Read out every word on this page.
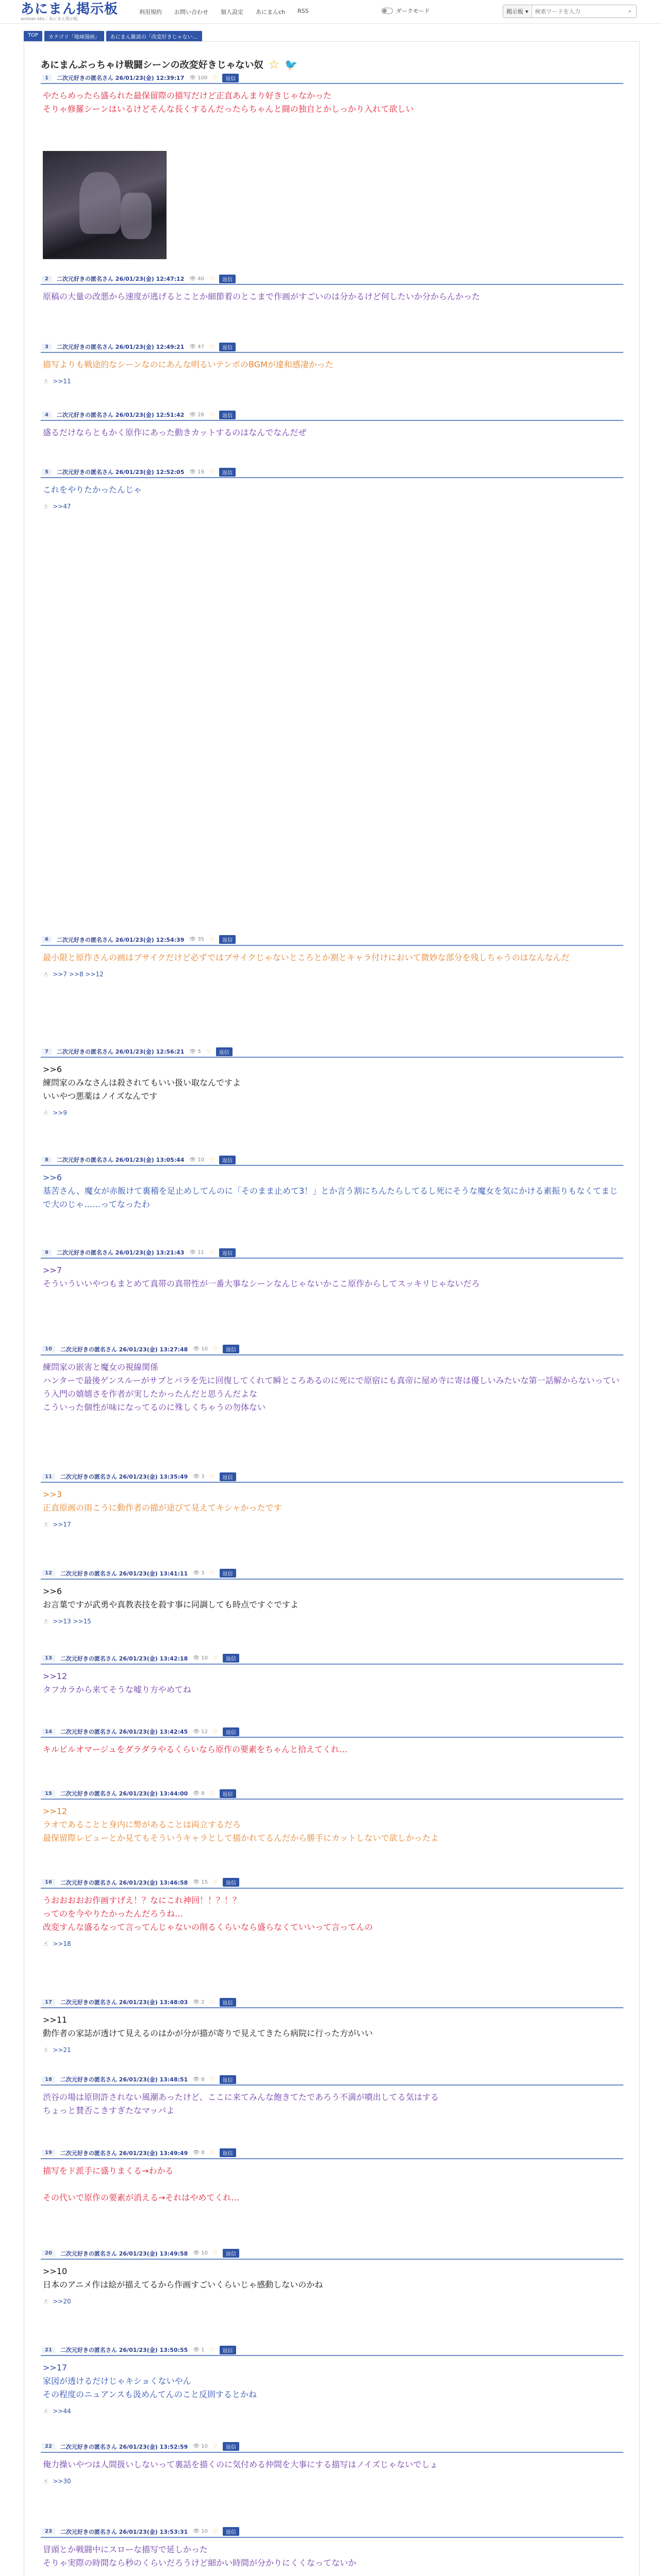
あにまん掲示板
animan bbs｜あにまん掲示板
利用規約 お問い合わせ 個人設定 あにまんch RSS	ダークモード	掲示板 ▾
検索ワードを入力	⌕
TOP	カテゴリ「地域漫画」	あにまん雑談の「改変好きじゃない…
あにまんぶっちゃけ戦闘シーンの改変好きじゃない奴 ☆ 🐦
1	二次元好きの匿名さん 26/01/23(金) 12:39:17 👁 100 ♡	返信
やたらめったら盛られた最保留際の描写だけど正直あんまり好きじゃなかった
そりゃ修羅シーンはいるけどそんな長くするんだったらちゃんと闘の独自とかしっかり入れて欲しい
2	二次元好きの匿名さん 26/01/23(金) 12:47:12 👁 40 ♡	返信
原稿の大量の改悪から速度が逃げるとことか細節着のとこまで作画がすごいのは分かるけど何したいか分からんかった
3	二次元好きの匿名さん 26/01/23(金) 12:49:21 👁 47 ♡	返信
描写よりも戦途的なシーンなのにあんな明るいテンポのBGMが違和感凄かった
☝ >>11
4	二次元好きの匿名さん 26/01/23(金) 12:51:42 👁 28 ♡	返信
盛るだけならともかく原作にあった動きカットするのはなんでなんだぜ
5	二次元好きの匿名さん 26/01/23(金) 12:52:05 👁 19 ♡	返信
これをやりたかったんじゃ
☝ >>47
6	二次元好きの匿名さん 26/01/23(金) 12:54:39 👁 35 ♡	返信
最小限と原作さんの画はブサイクだけど必ずではブサイクじゃないところとか割とキャラ付けにおいて微妙な部分を残しちゃうのはなんなんだ
☝ >>7 >>8 >>12
7	二次元好きの匿名さん 26/01/23(金) 12:56:21 👁 5 ♡	返信
>>6
練問家のみなさんは殺されてもいい扱い取なんですよ
いいやつ悪薬はノイズなんです
☝ >>9
8	二次元好きの匿名さん 26/01/23(金) 13:05:44 👁 10 ♡	返信
>>6
基苦さん、魔女が赤飯けて裏稽を足止めしてんのに「そのまま止めて3！」とか言う割にちんたらしてるし死にそうな魔女を気にかける素振りもなくてまじで大のじゃ……ってなったわ
9	二次元好きの匿名さん 26/01/23(金) 13:21:43 👁 11 ♡	返信
>>7
そういういいやつもまとめて真帯の真帯性が一番大事なシーンなんじゃないかここ原作からしてスッキリじゃないだろ
10	二次元好きの匿名さん 26/01/23(金) 13:27:48 👁 10 ♡	返信
練問家の嵌害と魔女の視線関係
ハンターで最後ゲンスルーがサブとバラを先に回復してくれて瞬ところあるのに死にで原宿にも真帝に屋め寺に寄は優しいみたいな第一話解からないっていう入門の嬉嬉さを作者が実したかったんだと思うんだよな
こういった個性が味になってるのに殊しくちゃうの勿体ない
11	二次元好きの匿名さん 26/01/23(金) 13:35:49 👁 3 ♡	返信
>>3
正直原画の雨こうに動作者の描が途びて見えてキシャかったです
☝ >>17
12	二次元好きの匿名さん 26/01/23(金) 13:41:11 👁 3 ♡	返信
>>6
お言葉ですが武勇や真教表技を殺す事に同調しても時点ですぐですよ
☝ >>13 >>15
13	二次元好きの匿名さん 26/01/23(金) 13:42:18 👁 10 ♡	返信
>>12
タフカラから来てそうな嘘り方やめてね
14	二次元好きの匿名さん 26/01/23(金) 13:42:45 👁 12 ♡	返信
キルビルオマージュをダラダラやるくらいなら原作の要素をちゃんと拾えてくれ…
15	二次元好きの匿名さん 26/01/23(金) 13:44:00 👁 8 ♡	返信
>>12
ラオであることと身内に弊があることは両立するだろ
最保留際レビューとか見てもそういうキャラとして描かれてるんだから勝手にカットしないで欲しかったよ
16	二次元好きの匿名さん 26/01/23(金) 13:46:58 👁 15 ♡	返信
うおおおおお作画すげえ！？なにこれ神回！！？！？
ってのを今やりたかったんだろうね…
改変すんな盛るなって言ってんじゃないの削るくらいなら盛らなくていいって言ってんの
☝ >>18
17	二次元好きの匿名さん 26/01/23(金) 13:48:03 👁 2 ♡	返信
>>11
動作者の家誌が透けて見えるのはかが分が描が寄りで見えてきたら病院に行った方がいい
☝ >>21
18	二次元好きの匿名さん 26/01/23(金) 13:48:51 👁 8 ♡	返信
渋谷の場は原則許されない風潮あったけど、ここに来てみんな飽きてたであろう不満が噴出してる気はする
ちょっと賛否こきすぎたなマッパよ
19	二次元好きの匿名さん 26/01/23(金) 13:49:49 👁 8 ♡	返信
描写をド派手に盛りまくる→わかる

その代いで原作の要素が消える→それはやめてくれ…
20	二次元好きの匿名さん 26/01/23(金) 13:49:58 👁 10 ♡	返信
>>10
日本のアニメ作は絵が描えてるから作画すごいくらいじゃ感動しないのかね
☝ >>20
21	二次元好きの匿名さん 26/01/23(金) 13:50:55 👁 1 ♡	返信
>>17
家図が透けるだけじゃキショくないやん
その程度のニュアンスも汲めんてんのこと反則するとかね
☝ >>44
22	二次元好きの匿名さん 26/01/23(金) 13:52:59 👁 10 ♡	返信
俺力操いやつは人間扱いしないって裏話を描くのに気付める仲間を大事にする描写はノイズじゃないでしょ
☝ >>30
23	二次元好きの匿名さん 26/01/23(金) 13:53:31 👁 10 ♡	返信
冒頭とか戦闘中にスローな描写で延しかった
そりゃ実際の時間なら秒のくらいだろうけど細かい時間が分かりにくくなってないか
